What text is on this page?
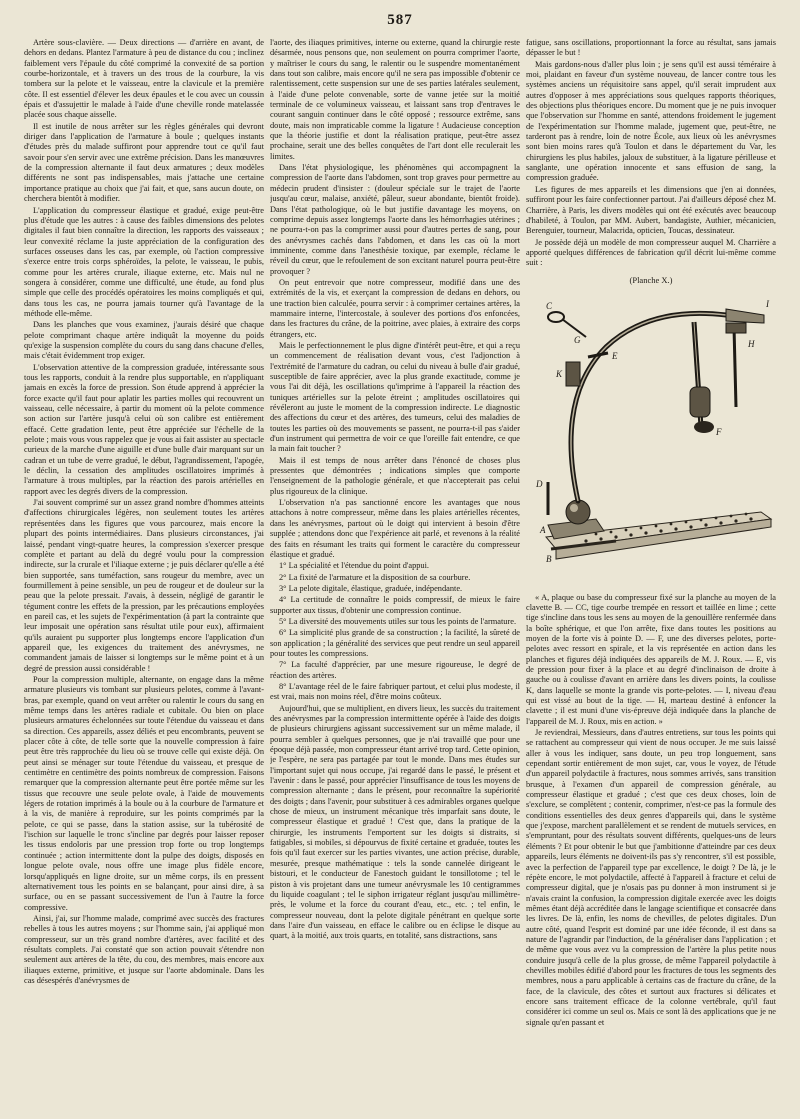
587

Artère sous-clavière. — Deux directions — d'arrière en avant, de dehors en dedans. Plantez l'armature à peu de distance du cou ; inclinez faiblement vers l'épaule du côté comprimé la convexité de sa portion courbe-horizontale, et à travers un des trous de la courbure, la vis tombera sur la pelote et le vaisseau, entre la clavicule et la première côte. Il est essentiel d'élever les deux épaules et le cou avec un coussin épais et d'assujettir le malade à l'aide d'une cheville ronde matelassée placée sous chaque aisselle.

Il est inutile de nous arrêter sur les règles générales qui devront diriger dans l'application de l'armature à boule ; quelques instants d'études près du malade suffiront pour apprendre tout ce qu'il faut savoir pour s'en servir avec une extrême précision. Dans les manœuvres de la compression alternante il faut deux armatures ; deux modèles différents ne sont pas indispensables, mais j'attache une certaine importance pratique au choix que j'ai fait, et que, sans aucun doute, on cherchera bientôt à modifier.

L'application du compresseur élastique et gradué, exige peut-être plus d'étude que les autres : à cause des faibles dimensions des pelotes digitales il faut bien connaître la direction, les rapports des vaisseaux ; leur convexité réclame la juste appréciation de la configuration des surfaces osseuses dans les cas, par exemple, où l'action compressive s'exerce entre trois corps sphéroïdes, la pelote, le vaisseau, le pubis, comme pour les artères crurale, iliaque externe, etc. Mais nul ne songera à considérer, comme une difficulté, une étude, au fond plus simple que celle des procédés opératoires les moins compliqués et qui, dans tous les cas, ne pourra jamais tourner qu'à l'avantage de la méthode elle-même.

Dans les planches que vous examinez, j'aurais désiré que chaque pelote comprimant chaque artère indiquât la moyenne du poids qu'exige la suspension complète du cours du sang dans chacune d'elles, mais c'était évidemment trop exiger.

L'observation attentive de la compression graduée, intéressante sous tous les rapports, conduit à la rendre plus supportable, en n'appliquant jamais en excès la force de pression. Son étude apprend à apprécier la force exacte qu'il faut pour aplatir les parties molles qui recouvrent un vaisseau, celle nécessaire, à partir du moment où la pelote commence son action sur l'artère jusqu'à celui où son calibre est entièrement effacé. Cette gradation lente, peut être appréciée sur l'échelle de la pelote ; mais vous vous rappelez que je vous ai fait assister au spectacle curieux de la marche d'une aiguille et d'une bulle d'air marquant sur un cadran et un tube de verre gradué, le début, l'agrandissement, l'apogée, le déclin, la cessation des amplitudes oscillatoires imprimés à l'armature à trous multiples, par la réaction des parois artérielles en rapport avec les degrés divers de la compression.

J'ai souvent comprimé sur un assez grand nombre d'hommes atteints d'affections chirurgicales légères, non seulement toutes les artères représentées dans les figures que vous parcourez, mais encore la plupart des points intermédiaires. Dans plusieurs circonstances, j'ai laissé, pendant vingt-quatre heures, la compression s'exercer presque complète et partant au delà du degré voulu pour la compression indirecte, sur la crurale et l'iliaque externe ; je puis déclarer qu'elle a été bien supportée, sans tuméfaction, sans rougeur du membre, avec un fourmillement à peine sensible, un peu de rougeur et de douleur sur la peau que la pelote pressait. J'avais, à dessein, négligé de garantir le tégument contre les effets de la pression, par les précautions employées en pareil cas, et les sujets de l'expérimentation (à part la contrainte que leur imposait une opération sans résultat utile pour eux), affirmaient qu'ils auraient pu supporter plus longtemps encore l'application d'un appareil que, les exigences du traitement des anévrysmes, ne commandent jamais de laisser si longtemps sur le même point et à un degré de pression aussi considérable !

Pour la compression multiple, alternante, on engage dans la même armature plusieurs vis tombant sur plusieurs pelotes, comme à l'avant-bras, par exemple, quand on veut arrêter ou ralentir le cours du sang en même temps dans les artères radiale et cubitale. Ou bien on place plusieurs armatures échelonnées sur toute l'étendue du vaisseau et dans sa direction. Ces appareils, assez déliés et peu encombrants, peuvent se placer côte à côte, de telle sorte que la nouvelle compression à faire peut être très rapprochée du lieu où se trouve celle qui existe déjà. On peut ainsi se ménager sur toute l'étendue du vaisseau, et presque de centimètre en centimètre des points nombreux de compression. Faisons remarquer que la compression alternante peut être portée même sur les tissus que recouvre une seule pelote ovale, à l'aide de mouvements légers de rotation imprimés à la boule ou à la courbure de l'armature et à la vis, de manière à reproduire, sur les points comprimés par la pelote, ce qui se passe, dans la station assise, sur la tubérosité de l'ischion sur laquelle le tronc s'incline par degrés pour laisser reposer les tissus endoloris par une pression trop forte ou trop longtemps continuée ; action intermittente dont la pulpe des doigts, disposés en longue pelote ovale, nous offre une image plus fidèle encore, lorsqu'appliqués en ligne droite, sur un même corps, ils en pressent alternativement tous les points en se balançant, pour ainsi dire, à sa surface, ou en se passant successivement de l'un à l'autre la force compressive.

Ainsi, j'ai, sur l'homme malade, comprimé avec succès des fractures rebelles à tous les autres moyens ; sur l'homme sain, j'ai appliqué mon compresseur, sur un très grand nombre d'artères, avec facilité et des résultats complets. J'ai constaté que son action pouvait s'étendre non seulement aux artères de la tête, du cou, des membres, mais encore aux iliaques externe, primitive, et jusque sur l'aorte abdominale. Dans les cas désespérés d'anévrysmes de

l'aorte, des iliaques primitives, interne ou externe, quand la chirurgie reste désarmée, nous pensons que, non seulement on pourra comprimer l'aorte, y maîtriser le cours du sang, le ralentir ou le suspendre momentanément dans tout son calibre, mais encore qu'il ne sera pas impossible d'obtenir ce ralentissement, cette suspension sur une de ses parties latérales seulement, à l'aide d'une pelote convenable, sorte de vanne jetée sur la moitié terminale de ce volumineux vaisseau, et laissant sans trop d'entraves le courant sanguin continuer dans le côté opposé ; ressource extrême, sans doute, mais non impraticable comme la ligature ! Audacieuse conception que la théorie justifie et dont la réalisation pratique, peut-être assez prochaine, serait une des belles conquêtes de l'art dont elle reculerait les limites.

Dans l'état physiologique, les phénomènes qui accompagnent la compression de l'aorte dans l'abdomen, sont trop graves pour permettre au médecin prudent d'insister : (douleur spéciale sur le trajet de l'aorte jusqu'au cœur, malaise, anxiété, pâleur, sueur abondante, bientôt froide). Dans l'état pathologique, où le but justifie davantage les moyens, on comprime depuis assez longtemps l'aorte dans les hémorrhagies utérines ; ne pourra-t-on pas la comprimer aussi pour d'autres pertes de sang, pour des anévrysmes cachés dans l'abdomen, et dans les cas où la mort imminente, comme dans l'anesthésie toxique, par exemple, réclame le réveil du cœur, que le refoulement de son excitant naturel pourra peut-être provoquer ?

On peut entrevoir que notre compresseur, modifié dans une des extrémités de la vis, et exerçant la compression de dedans en dehors, ou une traction bien calculée, pourra servir : à comprimer certaines artères, la mammaire interne, l'intercostale, à soulever des portions d'os enfoncées, dans les fractures du crâne, de la poitrine, avec plaies, à extraire des corps étrangers, etc.

Mais le perfectionnement le plus digne d'intérêt peut-être, et qui a reçu un commencement de réalisation devant vous, c'est l'adjonction à l'extrémité de l'armature du cadran, ou celui du niveau à bulle d'air gradué, susceptible de faire apprécier, avec la plus grande exactitude, comme je vous l'ai dit déjà, les oscillations qu'imprime à l'appareil la réaction des tuniques artérielles sur la pelote étreint ; amplitudes oscillatoires qui révéleront au juste le moment de la compression indirecte. Le diagnostic des affections du cœur et des artères, des tumeurs, celui des maladies de toutes les parties où des mouvements se passent, ne pourra-t-il pas s'aider d'un instrument qui permettra de voir ce que l'oreille fait entendre, ce que la main fait toucher ?

Mais il est temps de nous arrêter dans l'énoncé de choses plus pressentes que démontrées ; indications simples que comporte l'enseignement de la pathologie générale, et que n'accepterait pas celui plus rigoureux de la clinique.

L'observation n'a pas sanctionné encore les avantages que nous attachons à notre compresseur, même dans les plaies artérielles récentes, dans les anévrysmes, partout où le doigt qui intervient à besoin d'être supplée ; attendons donc que l'expérience ait parlé, et revenons à la réalité des faits en résumant les traits qui forment le caractère du compresseur élastique et gradué.

1° La spécialité et l'étendue du point d'appui.

2° La fixité de l'armature et la disposition de sa courbure.

3° La pelote digitale, élastique, graduée, indépendante.

4° La certitude de connaître le poids compressif, de mieux le faire supporter aux tissus, d'obtenir une compression continue.

5° La diversité des mouvements utiles sur tous les points de l'armature.

6° La simplicité plus grande de sa construction ; la facilité, la sûreté de son application ; la généralité des services que peut rendre un seul appareil pour toutes les compressions.

7° La faculté d'apprécier, par une mesure rigoureuse, le degré de réaction des artères.

8° L'avantage réel de le faire fabriquer partout, et celui plus modeste, il est vrai, mais non moins réel, d'être moins coûteux.

Aujourd'hui, que se multiplient, en divers lieux, les succès du traitement des anévrysmes par la compression intermittente opérée à l'aide des doigts de plusieurs chirurgiens agissant successivement sur un même malade, il pourra sembler à quelques personnes, que je n'ai travaillé que pour une époque déjà passée, mon compresseur étant arrivé trop tard. Cette opinion, je l'espère, ne sera pas partagée par tout le monde. Dans mes études sur l'important sujet qui nous occupe, j'ai regardé dans le passé, le présent et l'avenir : dans le passé, pour apprécier l'insuffisance de tous les moyens de compression alternante ; dans le présent, pour reconnaître la supériorité des doigts ; dans l'avenir, pour substituer à ces admirables organes quelque chose de mieux, un instrument mécanique très imparfait sans doute, le compresseur élastique et gradué ! C'est que, dans la pratique de la chirurgie, les instruments l'emportent sur les doigts si distraits, si fatigables, si mobiles, si dépourvus de fixité certaine et graduée, toutes les fois qu'il faut exercer sur les parties vivantes, une action précise, durable, mesurée, presque mathématique : tels la sonde cannelée dirigeant le bistouri, et le conducteur de Fanestoch guidant le tonsillotome ; tel le piston à vis projetant dans une tumeur anévrysmale les 10 centigrammes du liquide coagulant ; tel le siphon irrigateur réglant jusqu'au millimètre-près, le volume et la force du courant d'eau, etc., etc. ; tel enfin, le compresseur nouveau, dont la pelote digitale pénétrant en quelque sorte dans l'aire d'un vaisseau, en efface le calibre ou en éclipse le disque au quart, à la moitié, aux trois quarts, en totalité, sans distractions, sans

fatigue, sans oscillations, proportionnant la force au résultat, sans jamais dépasser le but !

Mais gardons-nous d'aller plus loin ; je sens qu'il est aussi téméraire à moi, plaidant en faveur d'un système nouveau, de lancer contre tous les systèmes anciens un réquisitoire sans appel, qu'il serait imprudent aux autres d'opposer à mes appréciations sous quelques rapports théoriques, des objections plus théoriques encore. Du moment que je ne puis invoquer que l'observation sur l'homme en santé, attendons froidement le jugement de l'expérimentation sur l'homme malade, jugement que, peut-être, ne tarderont pas à rendre, loin de notre École, aux lieux où les anévrysmes sont bien moins rares qu'à Toulon et dans le département du Var, les chirurgiens les plus habiles, jaloux de substituer, à la ligature périlleuse et sanglante, une opération innocente et sans effusion de sang, la compression graduée.

Les figures de mes appareils et les dimensions que j'en ai données, suffiront pour les faire confectionner partout. J'ai d'ailleurs déposé chez M. Charrière, à Paris, les divers modèles qui ont été exécutés avec beaucoup d'habileté, à Toulon, par MM. Aubert, bandagiste, Authier, mécanicien, Berenguier, tourneur, Malacrida, opticien, Toucas, dessinateur.

Je possède déjà un modèle de mon compresseur auquel M. Charrière a apporté quelques différences de fabrication qu'il décrit lui-même comme suit :

(Planche X.)
C
G
I
K
E
H
F
D
A
B

« A, plaque ou base du compresseur fixé sur la planche au moyen de la clavette B. — CC, tige courbe trempée en ressort et taillée en lime ; cette tige s'incline dans tous les sens au moyen de la genouillère renfermée dans la boîte sphérique, et que l'on arrête, fixe dans toutes les positions au moyen de la forte vis à pointe D. — F, une des diverses pelotes, porte-pelotes avec ressort en spirale, et la vis représentée en action dans les planches et figures déjà indiquées des appareils de M. J. Roux. — E, vis de pression pour fixer à la place et au degré d'inclinaison de droite à gauche ou à coulisse d'avant en arrière dans les divers points, la coulisse K, dans laquelle se monte la grande vis porte-pelotes. — I, niveau d'eau qui est vissé au bout de la tige. — H, marteau destiné à enfoncer la clavette ; il est muni d'une vis-épreuve déjà indiquée dans la planche de l'appareil de M. J. Roux, mis en action. »

Je reviendrai, Messieurs, dans d'autres entretiens, sur tous les points qui se rattachent au compresseur qui vient de nous occuper. Je me suis laissé aller à vous les indiquer, sans doute, un peu trop longuement, sans cependant sortir entièrement de mon sujet, car, vous le voyez, de l'étude d'un appareil polydactile à fractures, nous sommes arrivés, sans transition brusque, à l'examen d'un appareil de compression générale, au compresseur élastique et gradué ; c'est que ces deux choses, loin de s'exclure, se complètent ; contenir, comprimer, n'est-ce pas la formule des conditions essentielles des deux genres d'appareils qui, dans le système que j'expose, marchent parallèlement et se rendent de mutuels services, en s'empruntant, pour des résultats souvent différents, quelques-uns de leurs éléments ? Et pour obtenir le but que j'ambitionne d'atteindre par ces deux appareils, leurs éléments ne doivent-ils pas s'y rencontrer, s'il est possible, avec la perfection de l'appareil type par excellence, le doigt ? De là, je le répète encore, le mot polydactile, affecté à l'appareil à fracture et celui de compresseur digital, que je n'osais pas pu donner à mon instrument si je n'avais craint la confusion, la compression digitale exercée avec les doigts mêmes étant déjà accréditée dans le langage scientifique et consacrée dans les livres. De là, enfin, les noms de chevilles, de pelotes digitales. D'un autre côté, quand l'esprit est dominé par une idée féconde, il est dans sa nature de l'agrandir par l'induction, de la généraliser dans l'application ; et de même que vous avez vu la compression de l'artère la plus petite nous conduire jusqu'à celle de la plus grosse, de même l'appareil polydactile à chevilles mobiles édifié d'abord pour les fractures de tous les segments des membres, nous a paru applicable à certains cas de fracture du crâne, de la face, de la clavicule, des côtes et surtout aux fractures si délicates et encore sans traitement efficace de la colonne vertébrale, qu'il faut considérer ici comme un seul os. Mais ce sont là des applications que je ne signale qu'en passant et
